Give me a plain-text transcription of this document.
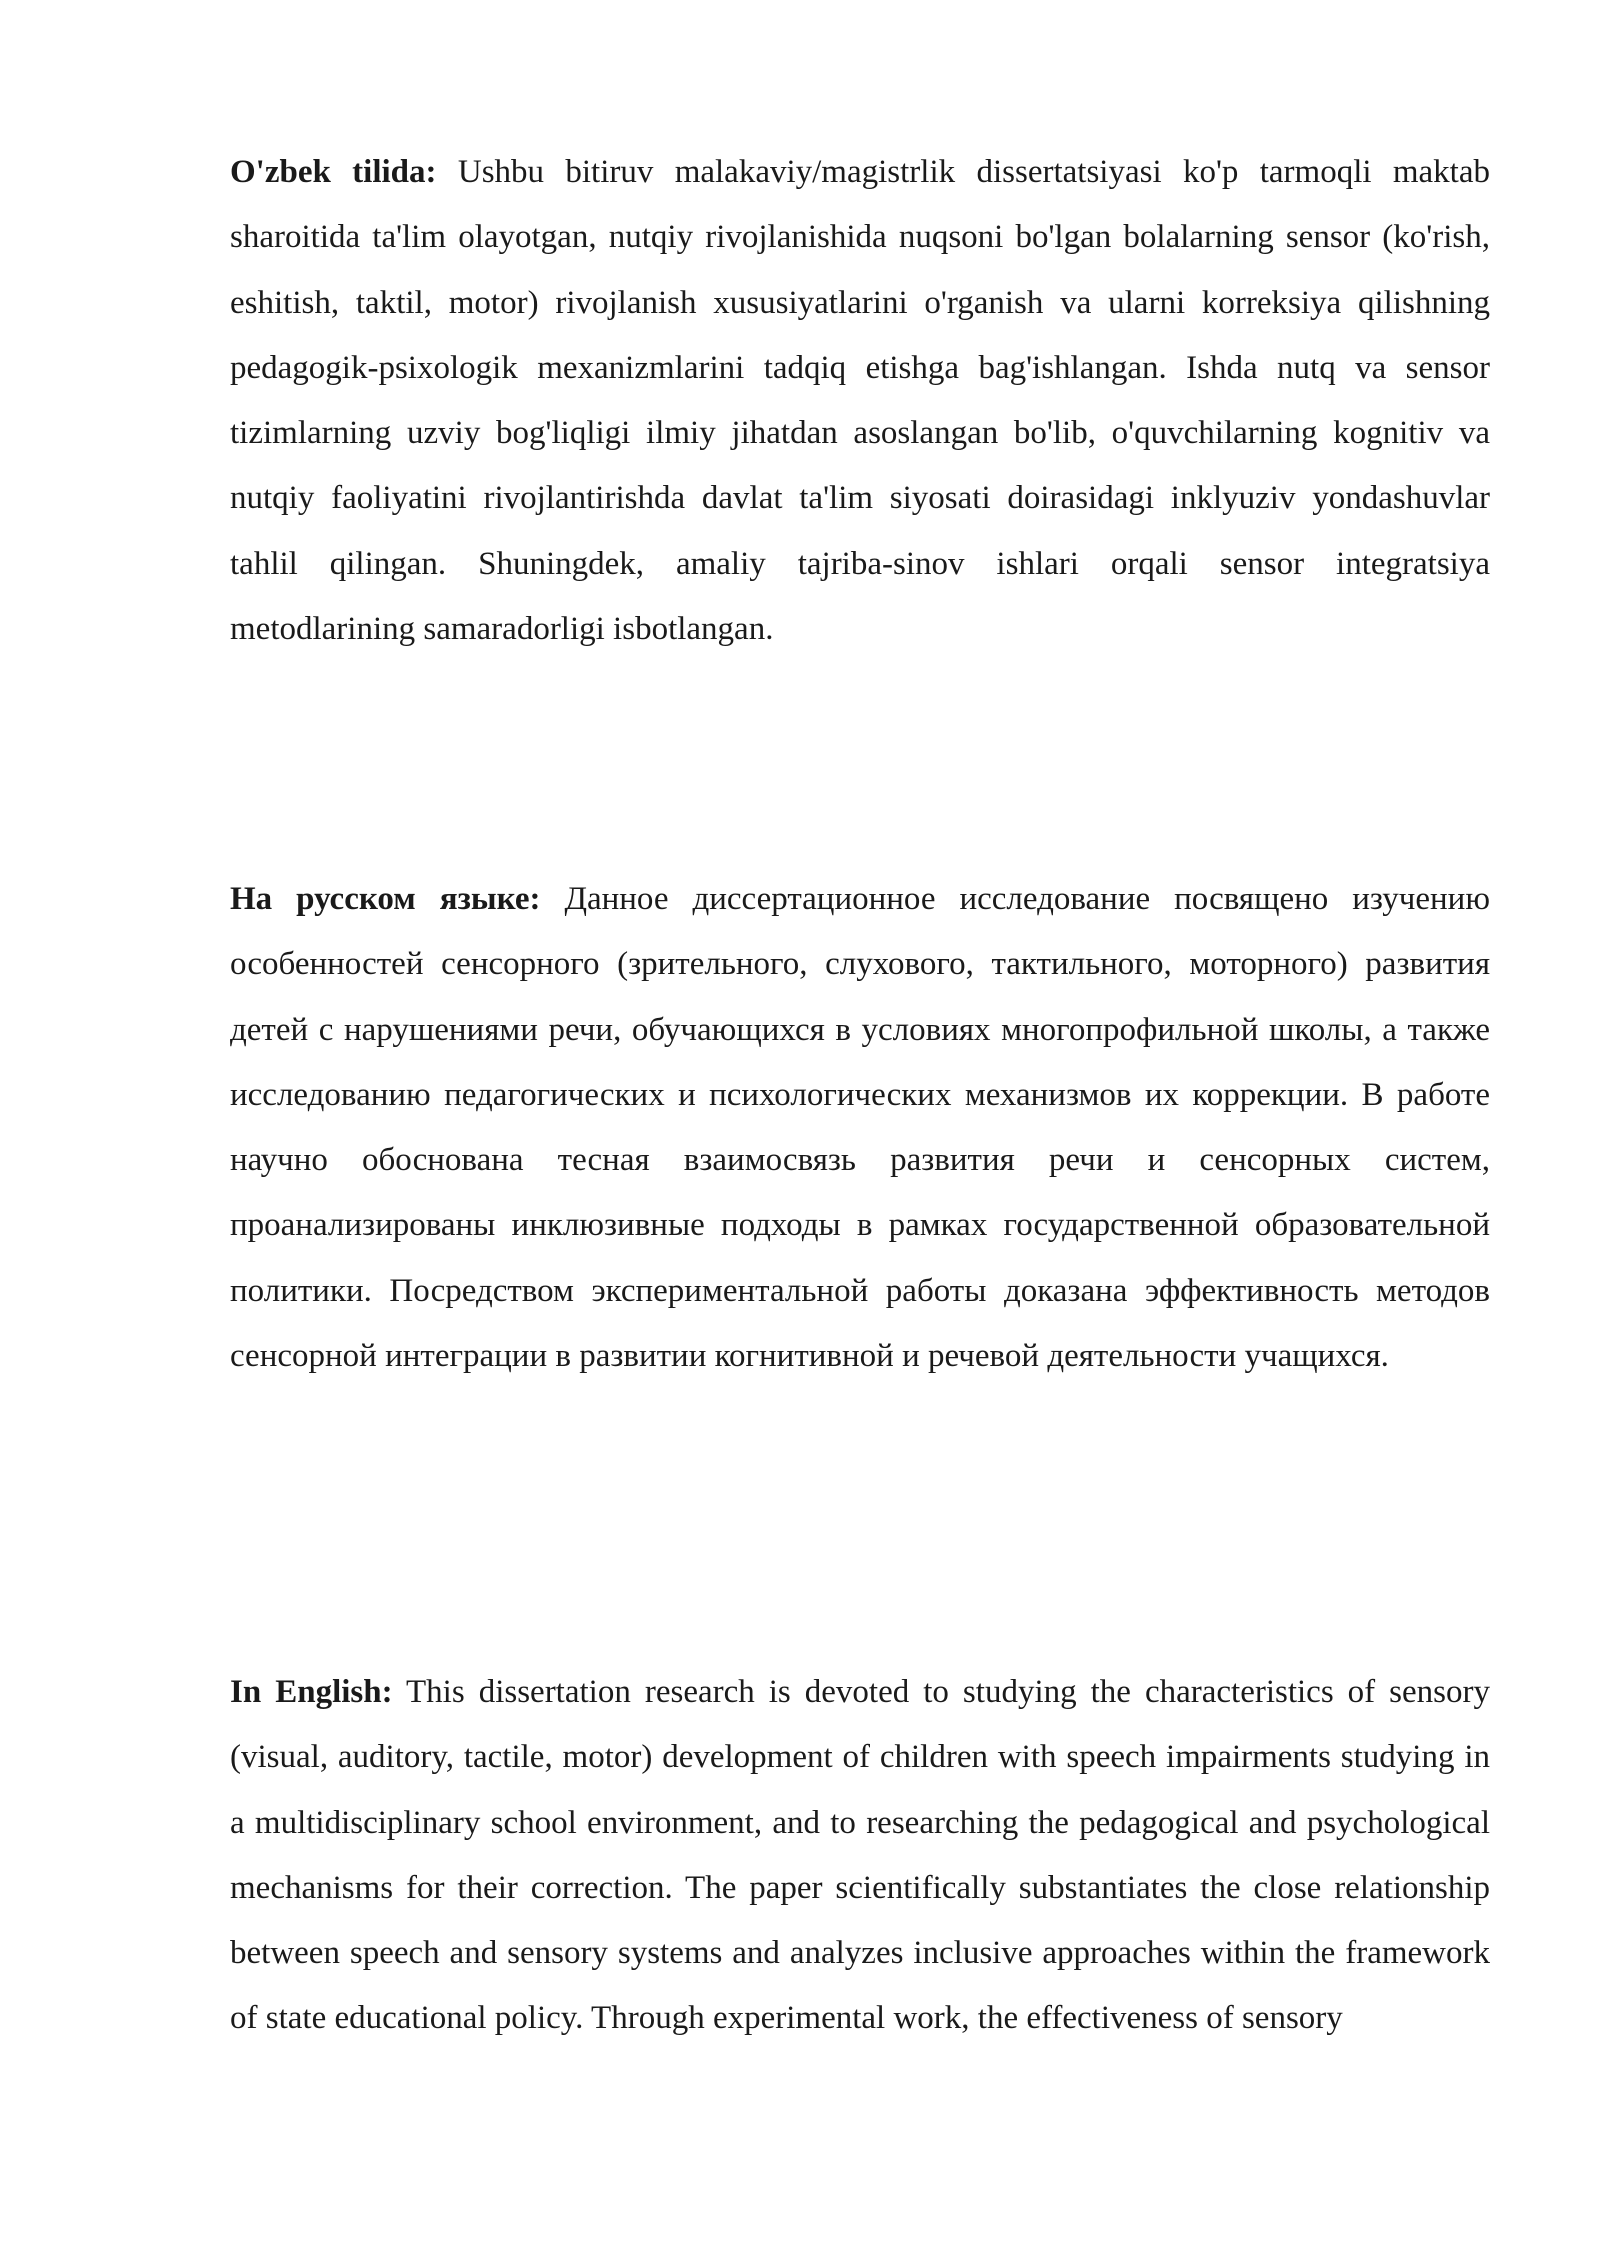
O'zbek tilida: Ushbu bitiruv malakaviy/magistrlik dissertatsiyasi ko'p tarmoqli maktab sharoitida ta'lim olayotgan, nutqiy rivojlanishida nuqsoni bo'lgan bolalarning sensor (ko'rish, eshitish, taktil, motor) rivojlanish xususiyatlarini o'rganish va ularni korreksiya qilishning pedagogik-psixologik mexanizmlarini tadqiq etishga bag'ishlangan. Ishda nutq va sensor tizimlarning uzviy bog'liqligi ilmiy jihatdan asoslangan bo'lib, o'quvchilarning kognitiv va nutqiy faoliyatini rivojlantirishda davlat ta'lim siyosati doirasidagi inklyuziv yondashuvlar tahlil qilingan. Shuningdek, amaliy tajriba-sinov ishlari orqali sensor integratsiya metodlarining samaradorligi isbotlangan.

На русском языке: Данное диссертационное исследование посвящено изучению особенностей сенсорного (зрительного, слухового, тактильного, моторного) развития детей с нарушениями речи, обучающихся в условиях многопрофильной школы, а также исследованию педагогических и психологических механизмов их коррекции. В работе научно обоснована тесная взаимосвязь развития речи и сенсорных систем, проанализированы инклюзивные подходы в рамках государственной образовательной политики. Посредством экспериментальной работы доказана эффективность методов сенсорной интеграции в развитии когнитивной и речевой деятельности учащихся.

In English: This dissertation research is devoted to studying the characteristics of sensory (visual, auditory, tactile, motor) development of children with speech impairments studying in a multidisciplinary school environment, and to researching the pedagogical and psychological mechanisms for their correction. The paper scientifically substantiates the close relationship between speech and sensory systems and analyzes inclusive approaches within the framework of state educational policy. Through experimental work, the effectiveness of sensory
